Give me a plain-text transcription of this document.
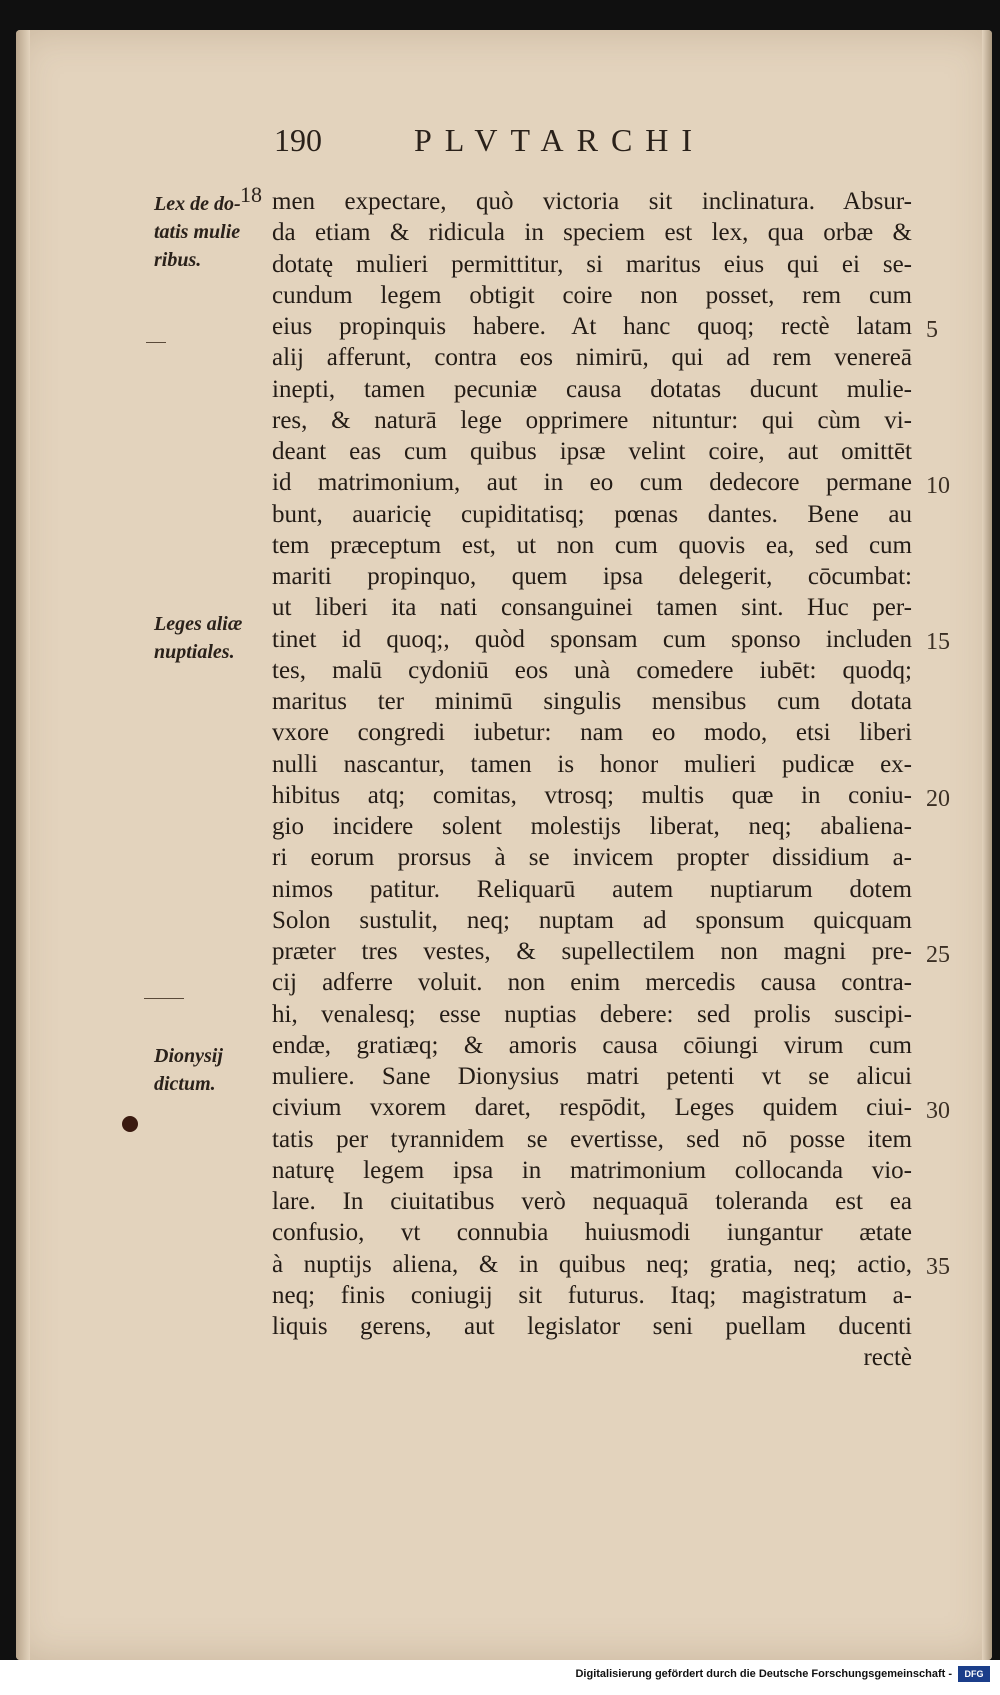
190	PLVTARCHI
18
Lex de do-
tatis mulie
ribus.
Leges aliæ
nuptiales.
Dionysij
dictum.
men expectare, quò victoria sit inclinatura. Absur-
da etiam & ridicula in speciem est lex, qua orbæ &
dotatę mulieri permittitur, si maritus eius qui ei se-
cundum legem obtigit coire non posset, rem cum
eius propinquis habere. At hanc quoq; rectè latam
alij afferunt, contra eos nimirū, qui ad rem venereā
inepti, tamen pecuniæ causa dotatas ducunt mulie-
res, & naturā lege opprimere nituntur: qui cùm vi-
deant eas cum quibus ipsæ velint coire, aut omittēt
id matrimonium, aut in eo cum dedecore permane
bunt, auaricię cupiditatisq; pœnas dantes. Bene au
tem præceptum est, ut non cum quovis ea, sed cum
mariti propinquo, quem ipsa delegerit, cōcumbat:
ut liberi ita nati consanguinei tamen sint. Huc per-
tinet id quoq;, quòd sponsam cum sponso includen
tes, malū cydoniū eos unà comedere iubēt: quodq;
maritus ter minimū singulis mensibus cum dotata
vxore congredi iubetur: nam eo modo, etsi liberi
nulli nascantur, tamen is honor mulieri pudicæ ex-
hibitus atq; comitas, vtrosq; multis quæ in coniu-
gio incidere solent molestijs liberat, neq; abaliena-
ri eorum prorsus à se invicem propter dissidium a-
nimos patitur. Reliquarū autem nuptiarum dotem
Solon sustulit, neq; nuptam ad sponsum quicquam
præter tres vestes, & supellectilem non magni pre-
cij adferre voluit. non enim mercedis causa contra-
hi, venalesq; esse nuptias debere: sed prolis suscipi-
endæ, gratiæq; & amoris causa cōiungi virum cum
muliere. Sane Dionysius matri petenti vt se alicui
civium vxorem daret, respōdit, Leges quidem ciui-
tatis per tyrannidem se evertisse, sed nō posse item
naturę legem ipsa in matrimonium collocanda vio-
lare. In ciuitatibus verò nequaquā toleranda est ea
confusio, vt connubia huiusmodi iungantur ætate
à nuptijs aliena, & in quibus neq; gratia, neq; actio,
neq; finis coniugij sit futurus. Itaq; magistratum a-
liquis gerens, aut legislator seni puellam ducenti
rectè
5
10
15
20
25
30
35
Digitalisierung gefördert durch die Deutsche Forschungsgemeinschaft -	DFG
